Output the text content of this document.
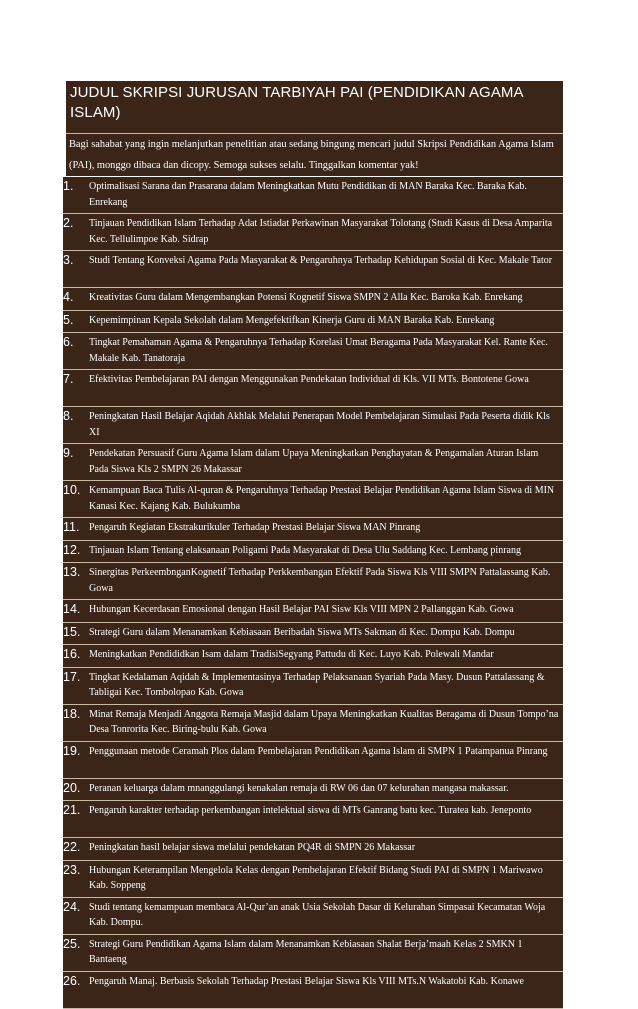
JUDUL SKRIPSI JURUSAN TARBIYAH PAI (PENDIDIKAN AGAMA ISLAM)

Bagi sahabat yang ingin melanjutkan penelitian atau sedang bingung mencari judul Skripsi Pendidikan Agama Islam (PAI), monggo dibaca dan dicopy. Semoga sukses selalu. Tinggalkan komentar yak!

1.	Optimalisasi Sarana dan Prasarana dalam Meningkatkan Mutu Pendidikan di MAN Baraka Kec. Baraka Kab. Enrekang
2.	Tinjauan Pendidikan Islam Terhadap Adat Istiadat Perkawinan Masyarakat Tolotang (Studi Kasus di Desa Amparita Kec. Tellulimpoe Kab. Sidrap
3.	Studi Tentang Konveksi Agama Pada Masyarakat & Pengaruhnya Terhadap Kehidupan Sosial di Kec. Makale Tator
4.	Kreativitas Guru dalam Mengembangkan Potensi Kognetif Siswa SMPN 2 Alla Kec. Baroka Kab. Enrekang
5.	Kepemimpinan Kepala Sekolah dalam Mengefektifkan Kinerja Guru di MAN Baraka Kab. Enrekang
6.	Tingkat Pemahaman Agama & Pengaruhnya Terhadap Korelasi Umat Beragama Pada Masyarakat Kel. Rante Kec. Makale Kab. Tanatoraja
7.	Efektivitas Pembelajaran PAI dengan Menggunakan Pendekatan Individual di Kls. VII MTs. Bontotene Gowa
8.	Peningkatan Hasil Belajar Aqidah Akhlak Melalui Penerapan Model Pembelajaran Simulasi Pada Peserta didik Kls XI
9.	Pendekatan Persuasif Guru Agama Islam dalam Upaya Meningkatkan Penghayatan & Pengamalan Aturan Islam Pada Siswa Kls 2 SMPN 26 Makassar
10. Kemampuan Baca Tulis Al-quran & Pengaruhnya Terhadap Prestasi Belajar Pendidikan Agama Islam Siswa di MIN Kanasi Kec. Kajang Kab. Bulukumba
11. Pengaruh Kegiatan Ekstrakurikuler Terhadap Prestasi Belajar Siswa MAN Pinrang
12. Tinjauan Islam Tentang elaksanaan Poligami Pada Masyarakat di Desa Ulu Saddang Kec. Lembang pinrang
13. Sinergitas PerkeembnganKognetif Terhadap Perkkembangan Efektif Pada Siswa Kls VIII SMPN Pattalassang Kab. Gowa
14. Hubungan Kecerdasan Emosional dengan Hasil Belajar PAI Sisw Kls VIII MPN 2 Pallanggan Kab. Gowa
15. Strategi Guru dalam Menanamkan Kebiasaan Beribadah Siswa MTs Sakman di Kec. Dompu Kab. Dompu
16. Meningkatkan Pendididkan Isam dalam TradisiSegyang Pattudu di Kec. Luyo Kab. Polewali Mandar
17. Tingkat Kedalaman Aqidah & Implementasinya Terhadap Pelaksanaan Syariah Pada Masy. Dusun Pattalassang & Tabligai Kec. Tombolopao Kab. Gowa
18. Minat Remaja Menjadi Anggota Remaja Masjid dalam Upaya Meningkatkan Kualitas Beragama di Dusun Tompo’na Desa Tonrorita Kec. Biring-bulu Kab. Gowa
19. Penggunaan metode Ceramah Plos dalam Pembelajaran Pendidikan Agama Islam di SMPN 1 Patampanua Pinrang
20. Peranan keluarga dalam mnanggulangi kenakalan remaja di RW 06 dan 07 kelurahan mangasa makassar.
21. Pengaruh karakter terhadap perkembangan intelektual siswa di MTs Ganrang batu kec. Turatea kab. Jeneponto
22. Peningkatan hasil belajar siswa melalui pendekatan PQ4R di SMPN 26 Makassar
23. Hubungan Keterampilan Mengelola Kelas dengan Pembelajaran Efektif Bidang Studi PAI di SMPN 1 Mariwawo Kab. Soppeng
24. Studi tentang kemampuan membaca Al-Qur’an anak Usia Sekolah Dasar di Kelurahan Simpasai Kecamatan Woja Kab. Dompu.
25. Strategi Guru Pendidikan Agama Islam dalam Menanamkan Kebiasaan Shalat Berja’maah Kelas 2 SMKN 1 Bantaeng
26. Pengaruh Manaj. Berbasis Sekolah Terhadap Prestasi Belajar Siswa Kls VIII MTs.N Wakatobi Kab. Konawe
